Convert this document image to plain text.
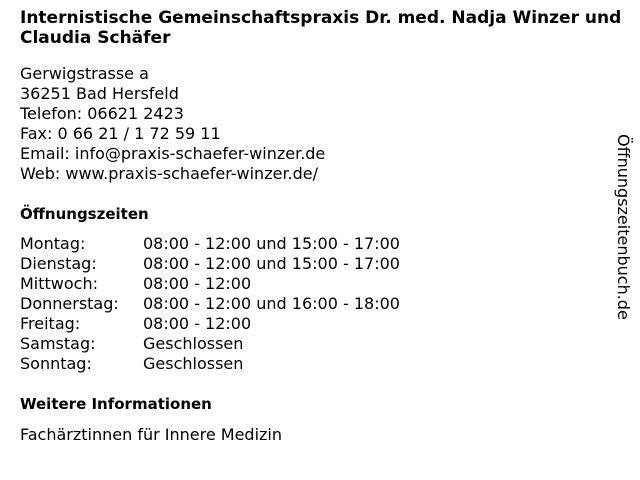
Internistische Gemeinschaftspraxis Dr. med. Nadja Winzer und Claudia Schäfer
Gerwigstrasse a
36251 Bad Hersfeld
Telefon: 06621 2423
Fax: 0 66 21 / 1 72 59 11
Email: info@praxis-schaefer-winzer.de
Web: www.praxis-schaefer-winzer.de/
Öffnungszeiten
Montag:	08:00 - 12:00 und 15:00 - 17:00
Dienstag:	08:00 - 12:00 und 15:00 - 17:00
Mittwoch:	08:00 - 12:00
Donnerstag:	08:00 - 12:00 und 16:00 - 18:00
Freitag:	08:00 - 12:00
Samstag:	Geschlossen
Sonntag:	Geschlossen
Weitere Informationen
Fachärztinnen für Innere Medizin
Öffnungszeitenbuch.de
